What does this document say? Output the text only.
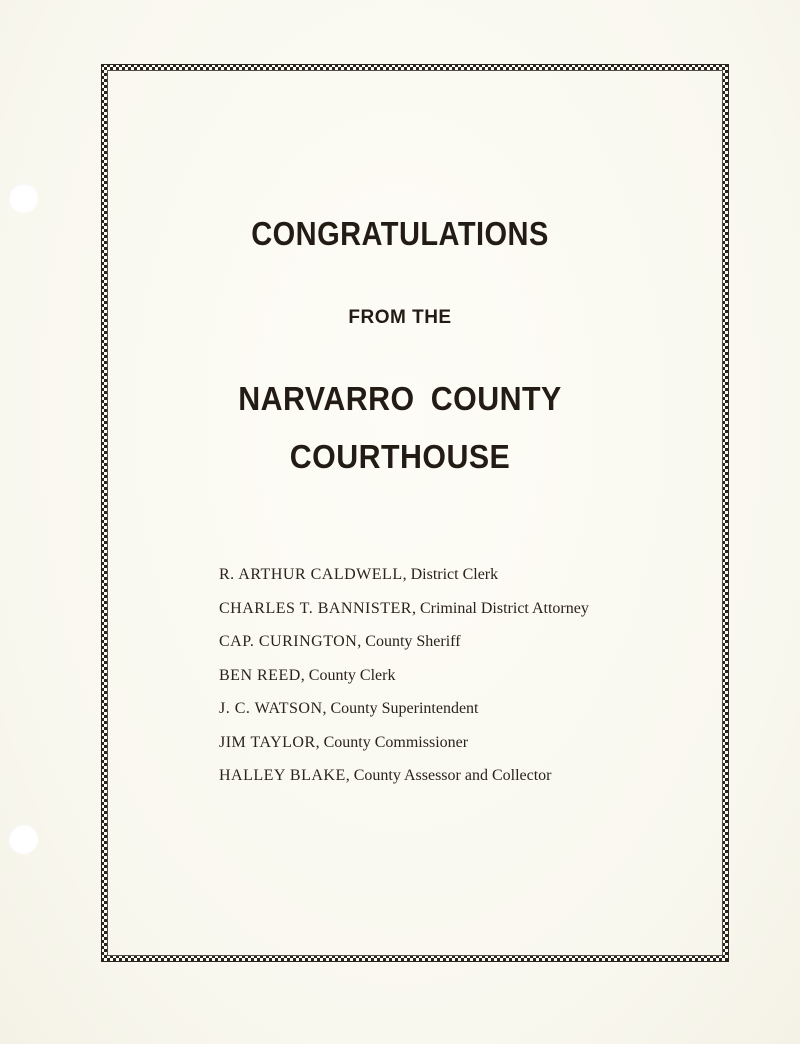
CONGRATULATIONS
FROM THE
NARVARRO COUNTY
COURTHOUSE
R. ARTHUR CALDWELL, District Clerk
CHARLES T. BANNISTER, Criminal District Attorney
CAP. CURINGTON, County Sheriff
BEN REED, County Clerk
J. C. WATSON, County Superintendent
JIM TAYLOR, County Commissioner
HALLEY BLAKE, County Assessor and Collector
